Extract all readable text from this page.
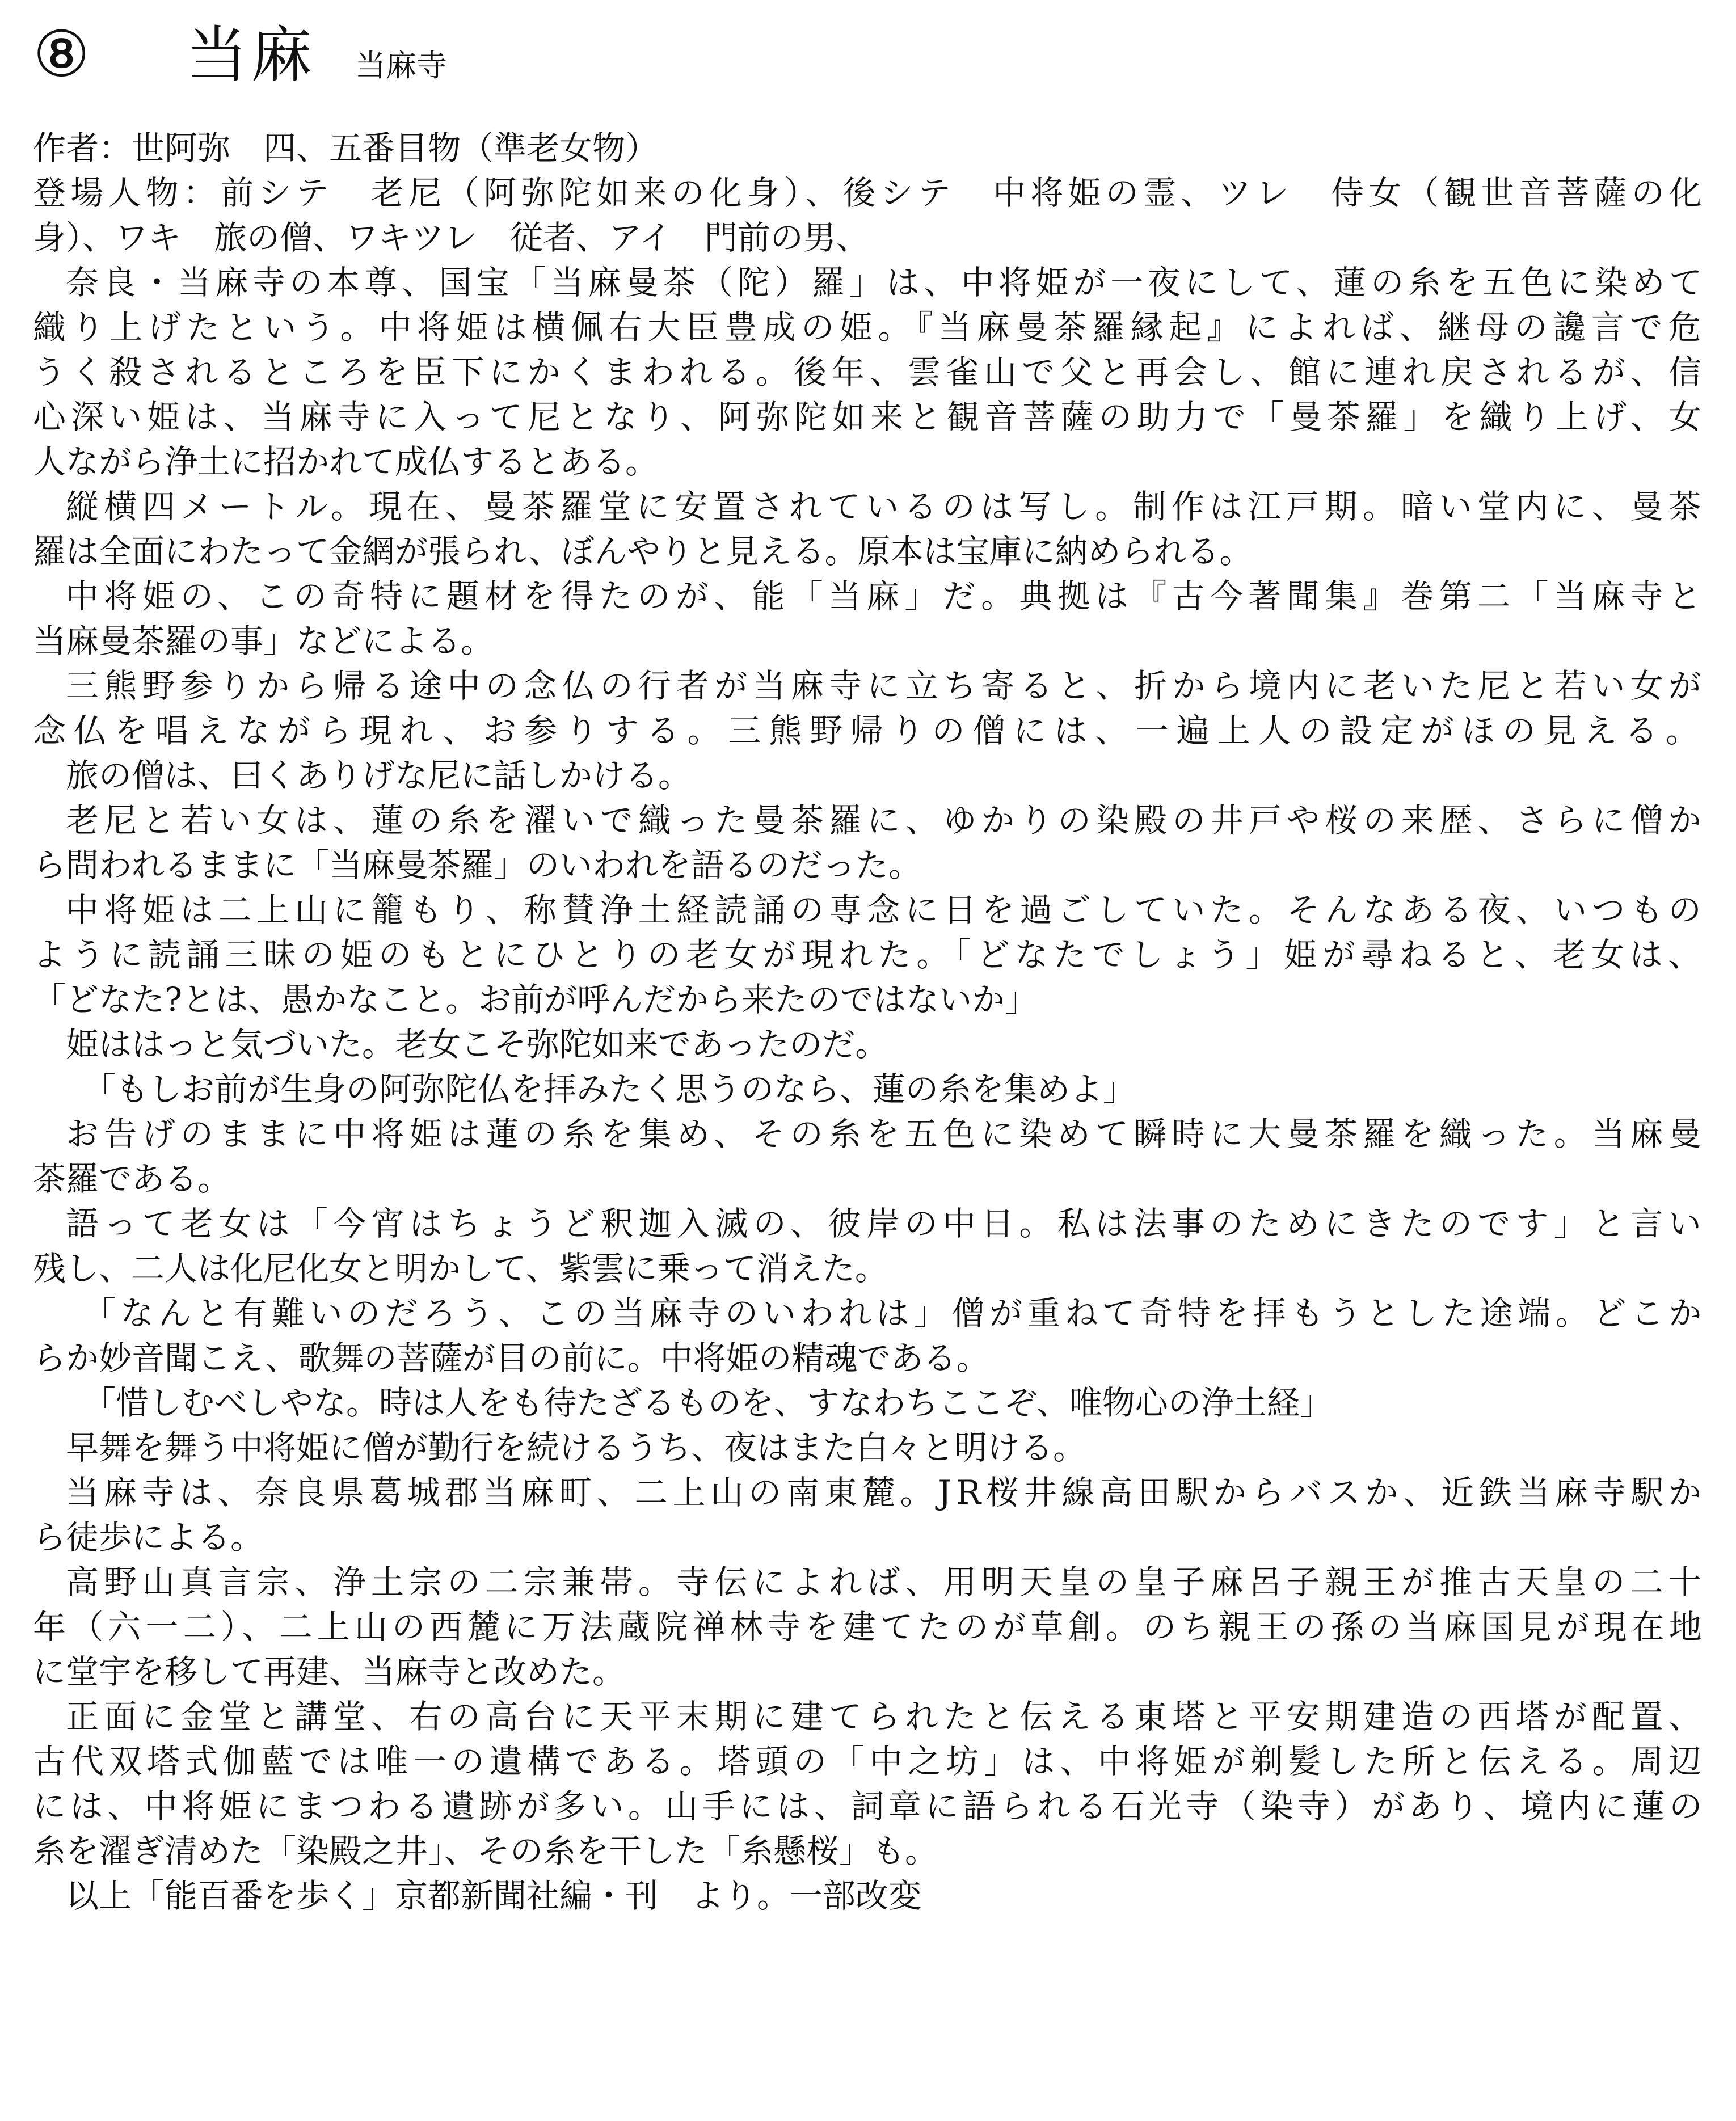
⑧	当麻 当麻寺
作者：世阿弥　四、五番目物（準老女物）
登場人物：前シテ　老尼（阿弥陀如来の化身）、後シテ　中将姫の霊、ツレ　侍女（観世音菩薩の化
身）、ワキ　旅の僧、ワキツレ　従者、アイ　門前の男、
奈良・当麻寺の本尊、国宝「当麻曼茶（陀）羅」は、中将姫が一夜にして、蓮の糸を五色に染めて
織り上げたという。中将姫は横佩右大臣豊成の姫。『当麻曼茶羅縁起』によれば、継母の讒言で危
うく殺されるところを臣下にかくまわれる。後年、雲雀山で父と再会し、館に連れ戻されるが、信
心深い姫は、当麻寺に入って尼となり、阿弥陀如来と観音菩薩の助力で「曼茶羅」を織り上げ、女
人ながら浄土に招かれて成仏するとある。
縦横四メートル。現在、曼茶羅堂に安置されているのは写し。制作は江戸期。暗い堂内に、曼茶
羅は全面にわたって金網が張られ、ぼんやりと見える。原本は宝庫に納められる。
中将姫の、この奇特に題材を得たのが、能「当麻」だ。典拠は『古今著聞集』巻第二「当麻寺と
当麻曼茶羅の事」などによる。
三熊野参りから帰る途中の念仏の行者が当麻寺に立ち寄ると、折から境内に老いた尼と若い女が
念仏を唱えながら現れ、お参りする。三熊野帰りの僧には、一遍上人の設定がほの見える。
旅の僧は、曰くありげな尼に話しかける。
老尼と若い女は、蓮の糸を濯いで織った曼茶羅に、ゆかりの染殿の井戸や桜の来歴、さらに僧か
ら問われるままに「当麻曼茶羅」のいわれを語るのだった。
中将姫は二上山に籠もり、称賛浄土経読誦の専念に日を過ごしていた。そんなある夜、いつもの
ように読誦三昧の姫のもとにひとりの老女が現れた。「どなたでしょう」姫が尋ねると、老女は、
「どなた?とは、愚かなこと。お前が呼んだから来たのではないか」
姫ははっと気づいた。老女こそ弥陀如来であったのだ。
「もしお前が生身の阿弥陀仏を拝みたく思うのなら、蓮の糸を集めよ」
お告げのままに中将姫は蓮の糸を集め、その糸を五色に染めて瞬時に大曼茶羅を織った。当麻曼
茶羅である。
語って老女は「今宵はちょうど釈迦入滅の、彼岸の中日。私は法事のためにきたのです」と言い
残し、二人は化尼化女と明かして、紫雲に乗って消えた。
「なんと有難いのだろう、この当麻寺のいわれは」僧が重ねて奇特を拝もうとした途端。どこか
らか妙音聞こえ、歌舞の菩薩が目の前に。中将姫の精魂である。
「惜しむべしやな。時は人をも待たざるものを、すなわちここぞ、唯物心の浄土経」
早舞を舞う中将姫に僧が勤行を続けるうち、夜はまた白々と明ける。
当麻寺は、奈良県葛城郡当麻町、二上山の南東麓。JR桜井線高田駅からバスか、近鉄当麻寺駅か
ら徒歩による。
高野山真言宗、浄土宗の二宗兼帯。寺伝によれば、用明天皇の皇子麻呂子親王が推古天皇の二十
年（六一二）、二上山の西麓に万法蔵院禅林寺を建てたのが草創。のち親王の孫の当麻国見が現在地
に堂宇を移して再建、当麻寺と改めた。
正面に金堂と講堂、右の高台に天平末期に建てられたと伝える東塔と平安期建造の西塔が配置、
古代双塔式伽藍では唯一の遺構である。塔頭の「中之坊」は、中将姫が剃髪した所と伝える。周辺
には、中将姫にまつわる遺跡が多い。山手には、詞章に語られる石光寺（染寺）があり、境内に蓮の
糸を濯ぎ清めた「染殿之井」、その糸を干した「糸懸桜」も。
以上「能百番を歩く」京都新聞社編・刊　より。一部改変
